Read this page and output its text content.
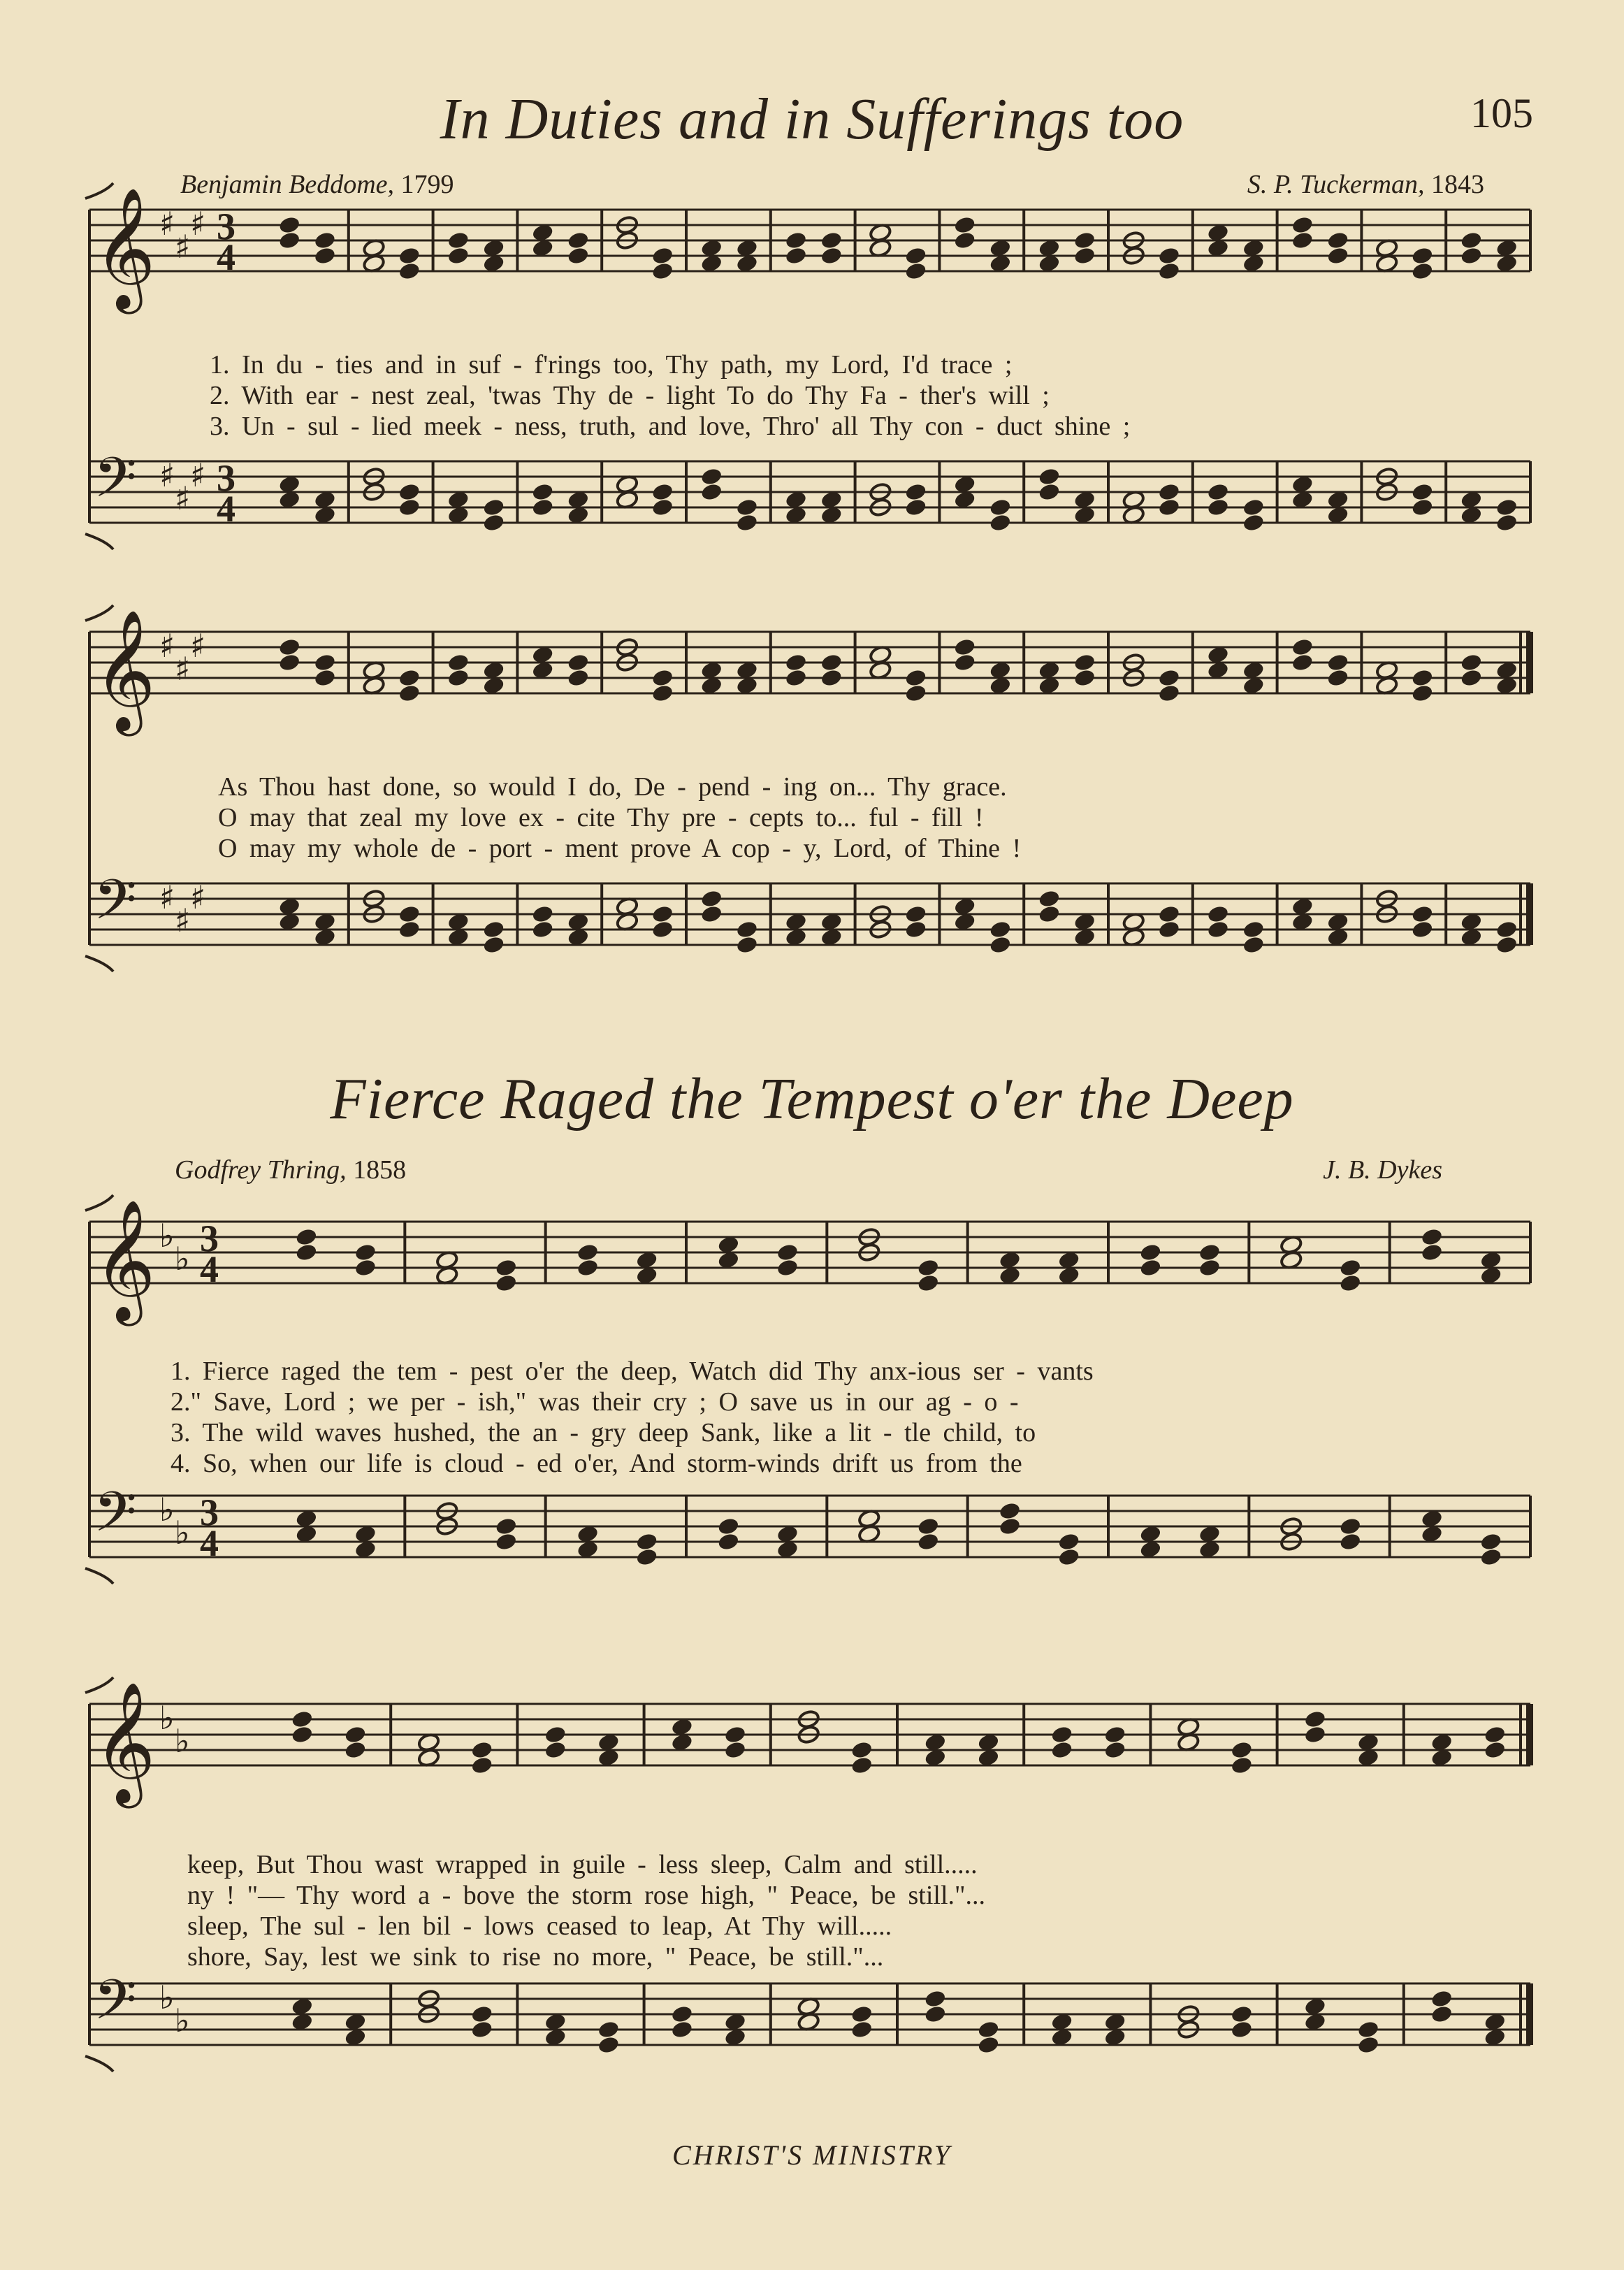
In Duties and in Sufferings too	105
Benjamin Beddome, 1799	S. P. Tuckerman, 1843
1. In du - ties and in suf - f'rings too, Thy path, my Lord, I'd trace ;
2. With ear - nest zeal, 'twas Thy de - light To do Thy Fa - ther's will ;
3. Un - sul - lied meek - ness, truth, and love, Thro' all Thy con - duct shine ;
As Thou hast done, so would I do, De - pend - ing on... Thy grace.
O may that zeal my love ex - cite Thy pre - cepts to... ful - fill !
O may my whole de - port - ment prove A cop - y, Lord, of Thine !
Fierce Raged the Tempest o'er the Deep
Godfrey Thring, 1858	J. B. Dykes
1. Fierce raged the tem - pest o'er the deep, Watch did Thy anx-ious ser - vants
2." Save, Lord ; we per - ish," was their cry ; O save us in our ag - o -
3. The wild waves hushed, the an - gry deep Sank, like a lit - tle child, to
4. So, when our life is cloud - ed o'er, And storm-winds drift us from the
keep, But Thou wast wrapped in guile - less sleep, Calm and still.....
ny ! "— Thy word a - bove the storm rose high, " Peace, be still."...
sleep, The sul - len bil - lows ceased to leap, At Thy will.....
shore, Say, lest we sink to rise no more, " Peace, be still."...
CHRIST'S MINISTRY
𝄞 ♯
♯
♯ 3
4
𝄢 ♯
♯
♯ 3
4
𝄞 ♯
♯
♯
𝄢 ♯
♯
♯
𝄞 ♭
♭ 3
4
𝄢 ♭
♭ 3
4
𝄞 ♭
♭
𝄢 ♭
♭
